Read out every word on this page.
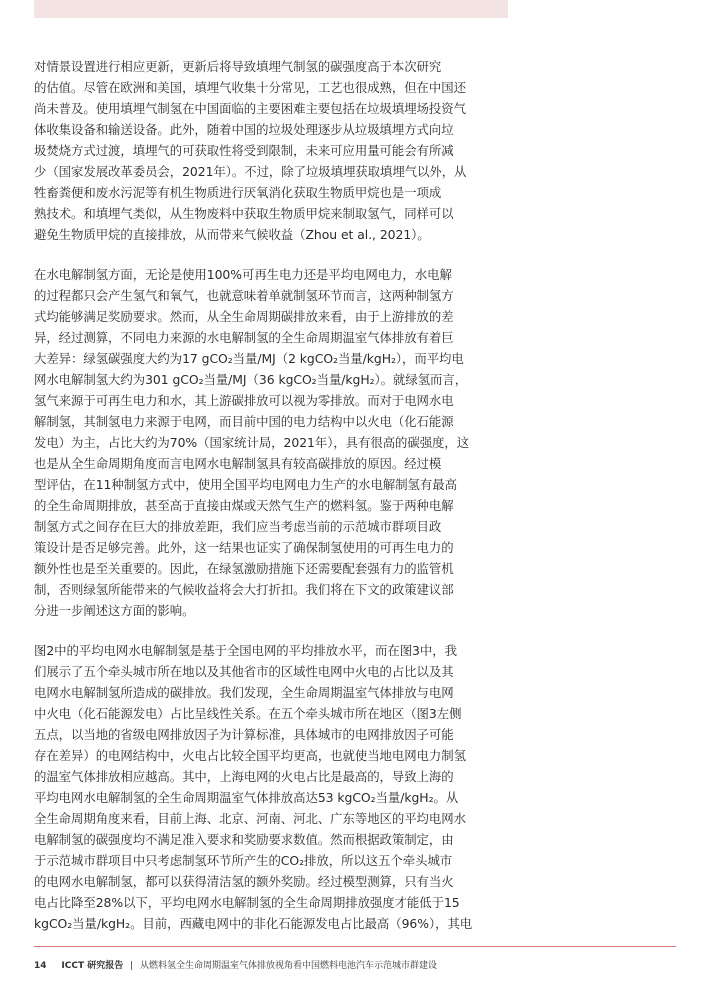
对情景设置进行相应更新，更新后将导致填埋气制氢的碳强度高于本次研究
的估值。尽管在欧洲和美国，填埋气收集十分常见，工艺也很成熟，但在中国还
尚未普及。使用填埋气制氢在中国面临的主要困难主要包括在垃圾填埋场投资气
体收集设备和输送设备。此外，随着中国的垃圾处理逐步从垃圾填埋方式向垃
圾焚烧方式过渡，填埋气的可获取性将受到限制，未来可应用量可能会有所减
少（国家发展改革委员会，2021年）。不过，除了垃圾填埋获取填埋气以外，从
牲畜粪便和废水污泥等有机生物质进行厌氧消化获取生物质甲烷也是一项成
熟技术。和填埋气类似，从生物废料中获取生物质甲烷来制取氢气，同样可以
避免生物质甲烷的直接排放，从而带来气候收益（Zhou et al., 2021）。

在水电解制氢方面，无论是使用100%可再生电力还是平均电网电力，水电解
的过程都只会产生氢气和氧气，也就意味着单就制氢环节而言，这两种制氢方
式均能够满足奖励要求。然而，从全生命周期碳排放来看，由于上游排放的差
异，经过测算，不同电力来源的水电解制氢的全生命周期温室气体排放有着巨
大差异：绿氢碳强度大约为17 gCO₂当量/MJ（2 kgCO₂当量/kgH₂），而平均电
网水电解制氢大约为301 gCO₂当量/MJ（36 kgCO₂当量/kgH₂）。就绿氢而言，
氢气来源于可再生电力和水，其上游碳排放可以视为零排放。而对于电网水电
解制氢，其制氢电力来源于电网，而目前中国的电力结构中以火电（化石能源
发电）为主，占比大约为70%（国家统计局，2021年），具有很高的碳强度，这
也是从全生命周期角度而言电网水电解制氢具有较高碳排放的原因。经过模
型评估，在11种制氢方式中，使用全国平均电网电力生产的水电解制氢有最高
的全生命周期排放，甚至高于直接由煤或天然气生产的燃料氢。鉴于两种电解
制氢方式之间存在巨大的排放差距，我们应当考虑当前的示范城市群项目政
策设计是否足够完善。此外，这一结果也证实了确保制氢使用的可再生电力的
额外性也是至关重要的。因此，在绿氢激励措施下还需要配套强有力的监管机
制，否则绿氢所能带来的气候收益将会大打折扣。我们将在下文的政策建议部
分进一步阐述这方面的影响。

图2中的平均电网水电解制氢是基于全国电网的平均排放水平，而在图3中，我
们展示了五个牵头城市所在地以及其他省市的区域性电网中火电的占比以及其
电网水电解制氢所造成的碳排放。我们发现，全生命周期温室气体排放与电网
中火电（化石能源发电）占比呈线性关系。在五个牵头城市所在地区（图3左侧
五点，以当地的省级电网排放因子为计算标准，具体城市的电网排放因子可能
存在差异）的电网结构中，火电占比较全国平均更高，也就使当地电网电力制氢
的温室气体排放相应越高。其中，上海电网的火电占比是最高的，导致上海的
平均电网水电解制氢的全生命周期温室气体排放高达53 kgCO₂当量/kgH₂。从
全生命周期角度来看，目前上海、北京、河南、河北、广东等地区的平均电网水
电解制氢的碳强度均不满足准入要求和奖励要求数值。然而根据政策制定，由
于示范城市群项目中只考虑制氢环节所产生的CO₂排放，所以这五个牵头城市
的电网水电解制氢，都可以获得清洁氢的额外奖励。经过模型测算，只有当火
电占比降至28%以下，平均电网水电解制氢的全生命周期排放强度才能低于15
kgCO₂当量/kgH₂。目前，西藏电网中的非化石能源发电占比最高（96%），其电

14 ICCT 研究报告 | 从燃料氢全生命周期温室气体排放视角看中国燃料电池汽车示范城市群建设
